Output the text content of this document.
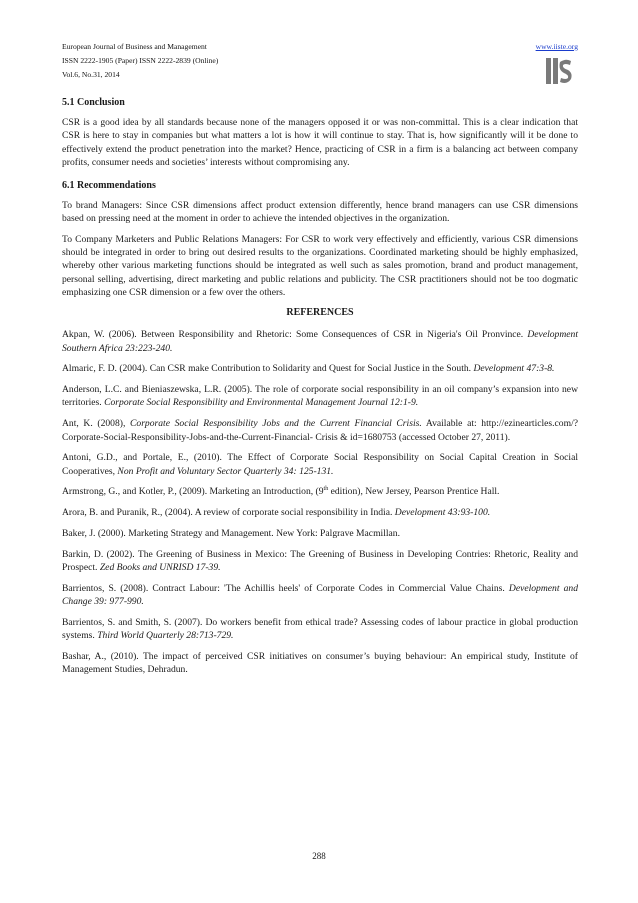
European Journal of Business and Management
ISSN 2222-1905 (Paper) ISSN 2222-2839 (Online)
Vol.6, No.31, 2014
www.iiste.org
5.1 Conclusion

CSR is a good idea by all standards because none of the managers opposed it or was non-committal. This is a clear indication that CSR is here to stay in companies but what matters a lot is how it will continue to stay. That is, how significantly will it be done to effectively extend the product penetration into the market? Hence, practicing of CSR in a firm is a balancing act between company profits, consumer needs and societies’ interests without compromising any.

6.1 Recommendations

To brand Managers: Since CSR dimensions affect product extension differently, hence brand managers can use CSR dimensions based on pressing need at the moment in order to achieve the intended objectives in the organization.

To Company Marketers and Public Relations Managers: For CSR to work very effectively and efficiently, various CSR dimensions should be integrated in order to bring out desired results to the organizations. Coordinated marketing should be highly emphasized, whereby other various marketing functions should be integrated as well such as sales promotion, brand and product management, personal selling, advertising, direct marketing and public relations and publicity. The CSR practitioners should not be too dogmatic emphasizing one CSR dimension or a few over the others.

REFERENCES

Akpan, W. (2006). Between Responsibility and Rhetoric: Some Consequences of CSR in Nigeria's Oil Pronvince. Development Southern Africa 23:223-240.

Almaric, F. D. (2004). Can CSR make Contribution to Solidarity and Quest for Social Justice in the South. Development 47:3-8.

Anderson, L.C. and Bieniaszewska, L.R. (2005). The role of corporate social responsibility in an oil company’s expansion into new territories. Corporate Social Responsibility and Environmental Management Journal 12:1-9.

Ant, K. (2008), Corporate Social Responsibility Jobs and the Current Financial Crisis. Available at: http://ezinearticles.com/?Corporate-Social-Responsibility-Jobs-and-the-Current-Financial- Crisis & id=1680753 (accessed October 27, 2011).

Antoni, G.D., and Portale, E., (2010). The Effect of Corporate Social Responsibility on Social Capital Creation in Social Cooperatives, Non Profit and Voluntary Sector Quarterly 34: 125-131.

Armstrong, G., and Kotler, P., (2009). Marketing an Introduction, (9th edition), New Jersey, Pearson Prentice Hall.

Arora, B. and Puranik, R., (2004). A review of corporate social responsibility in India. Development 43:93-100.

Baker, J. (2000). Marketing Strategy and Management. New York: Palgrave Macmillan.

Barkin, D. (2002). The Greening of Business in Mexico: The Greening of Business in Developing Contries: Rhetoric, Reality and Prospect. Zed Books and UNRISD 17-39.

Barrientos, S. (2008). Contract Labour: 'The Achillis heels' of Corporate Codes in Commercial Value Chains. Development and Change 39: 977-990.

Barrientos, S. and Smith, S. (2007). Do workers benefit from ethical trade? Assessing codes of labour practice in global production systems. Third World Quarterly 28:713-729.

Bashar, A., (2010). The impact of perceived CSR initiatives on consumer’s buying behaviour: An empirical study, Institute of Management Studies, Dehradun.

288
